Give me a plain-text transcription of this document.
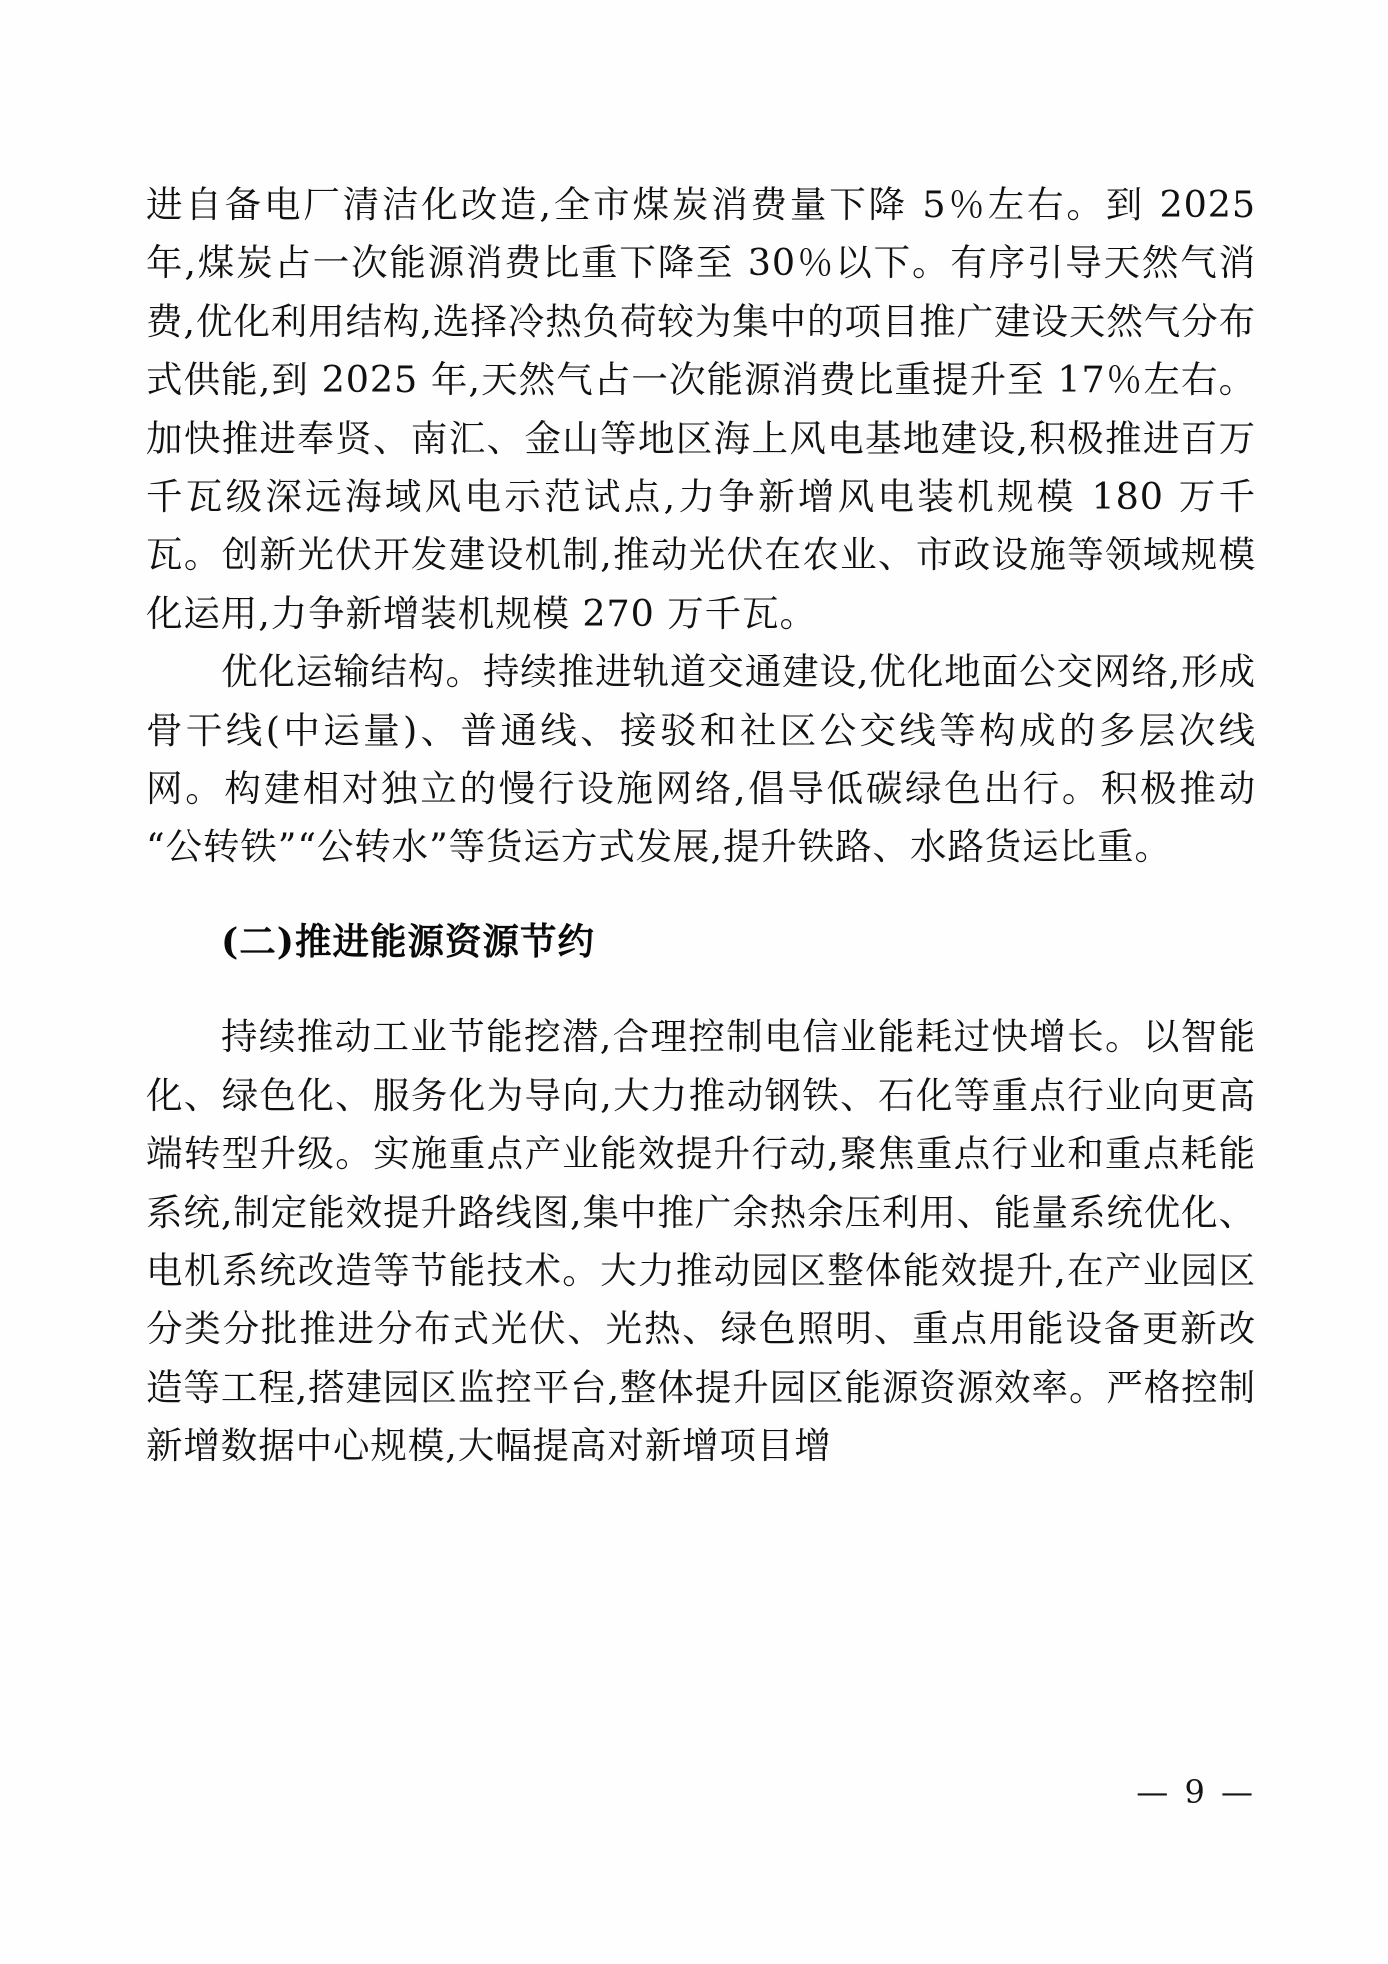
进自备电厂清洁化改造,全市煤炭消费量下降 5％左右。到 2025 年,煤炭占一次能源消费比重下降至 30％以下。有序引导天然气消费,优化利用结构,选择冷热负荷较为集中的项目推广建设天然气分布式供能,到 2025 年,天然气占一次能源消费比重提升至 17％左右。加快推进奉贤、南汇、金山等地区海上风电基地建设,积极推进百万千瓦级深远海域风电示范试点,力争新增风电装机规模 180 万千瓦。创新光伏开发建设机制,推动光伏在农业、市政设施等领域规模化运用,力争新增装机规模 270 万千瓦。

优化运输结构。持续推进轨道交通建设,优化地面公交网络,形成骨干线(中运量)、普通线、接驳和社区公交线等构成的多层次线网。构建相对独立的慢行设施网络,倡导低碳绿色出行。积极推动“公转铁”“公转水”等货运方式发展,提升铁路、水路货运比重。

(二)推进能源资源节约

持续推动工业节能挖潜,合理控制电信业能耗过快增长。以智能化、绿色化、服务化为导向,大力推动钢铁、石化等重点行业向更高端转型升级。实施重点产业能效提升行动,聚焦重点行业和重点耗能系统,制定能效提升路线图,集中推广余热余压利用、能量系统优化、电机系统改造等节能技术。大力推动园区整体能效提升,在产业园区分类分批推进分布式光伏、光热、绿色照明、重点用能设备更新改造等工程,搭建园区监控平台,整体提升园区能源资源效率。严格控制新增数据中心规模,大幅提高对新增项目增

— 9 —
